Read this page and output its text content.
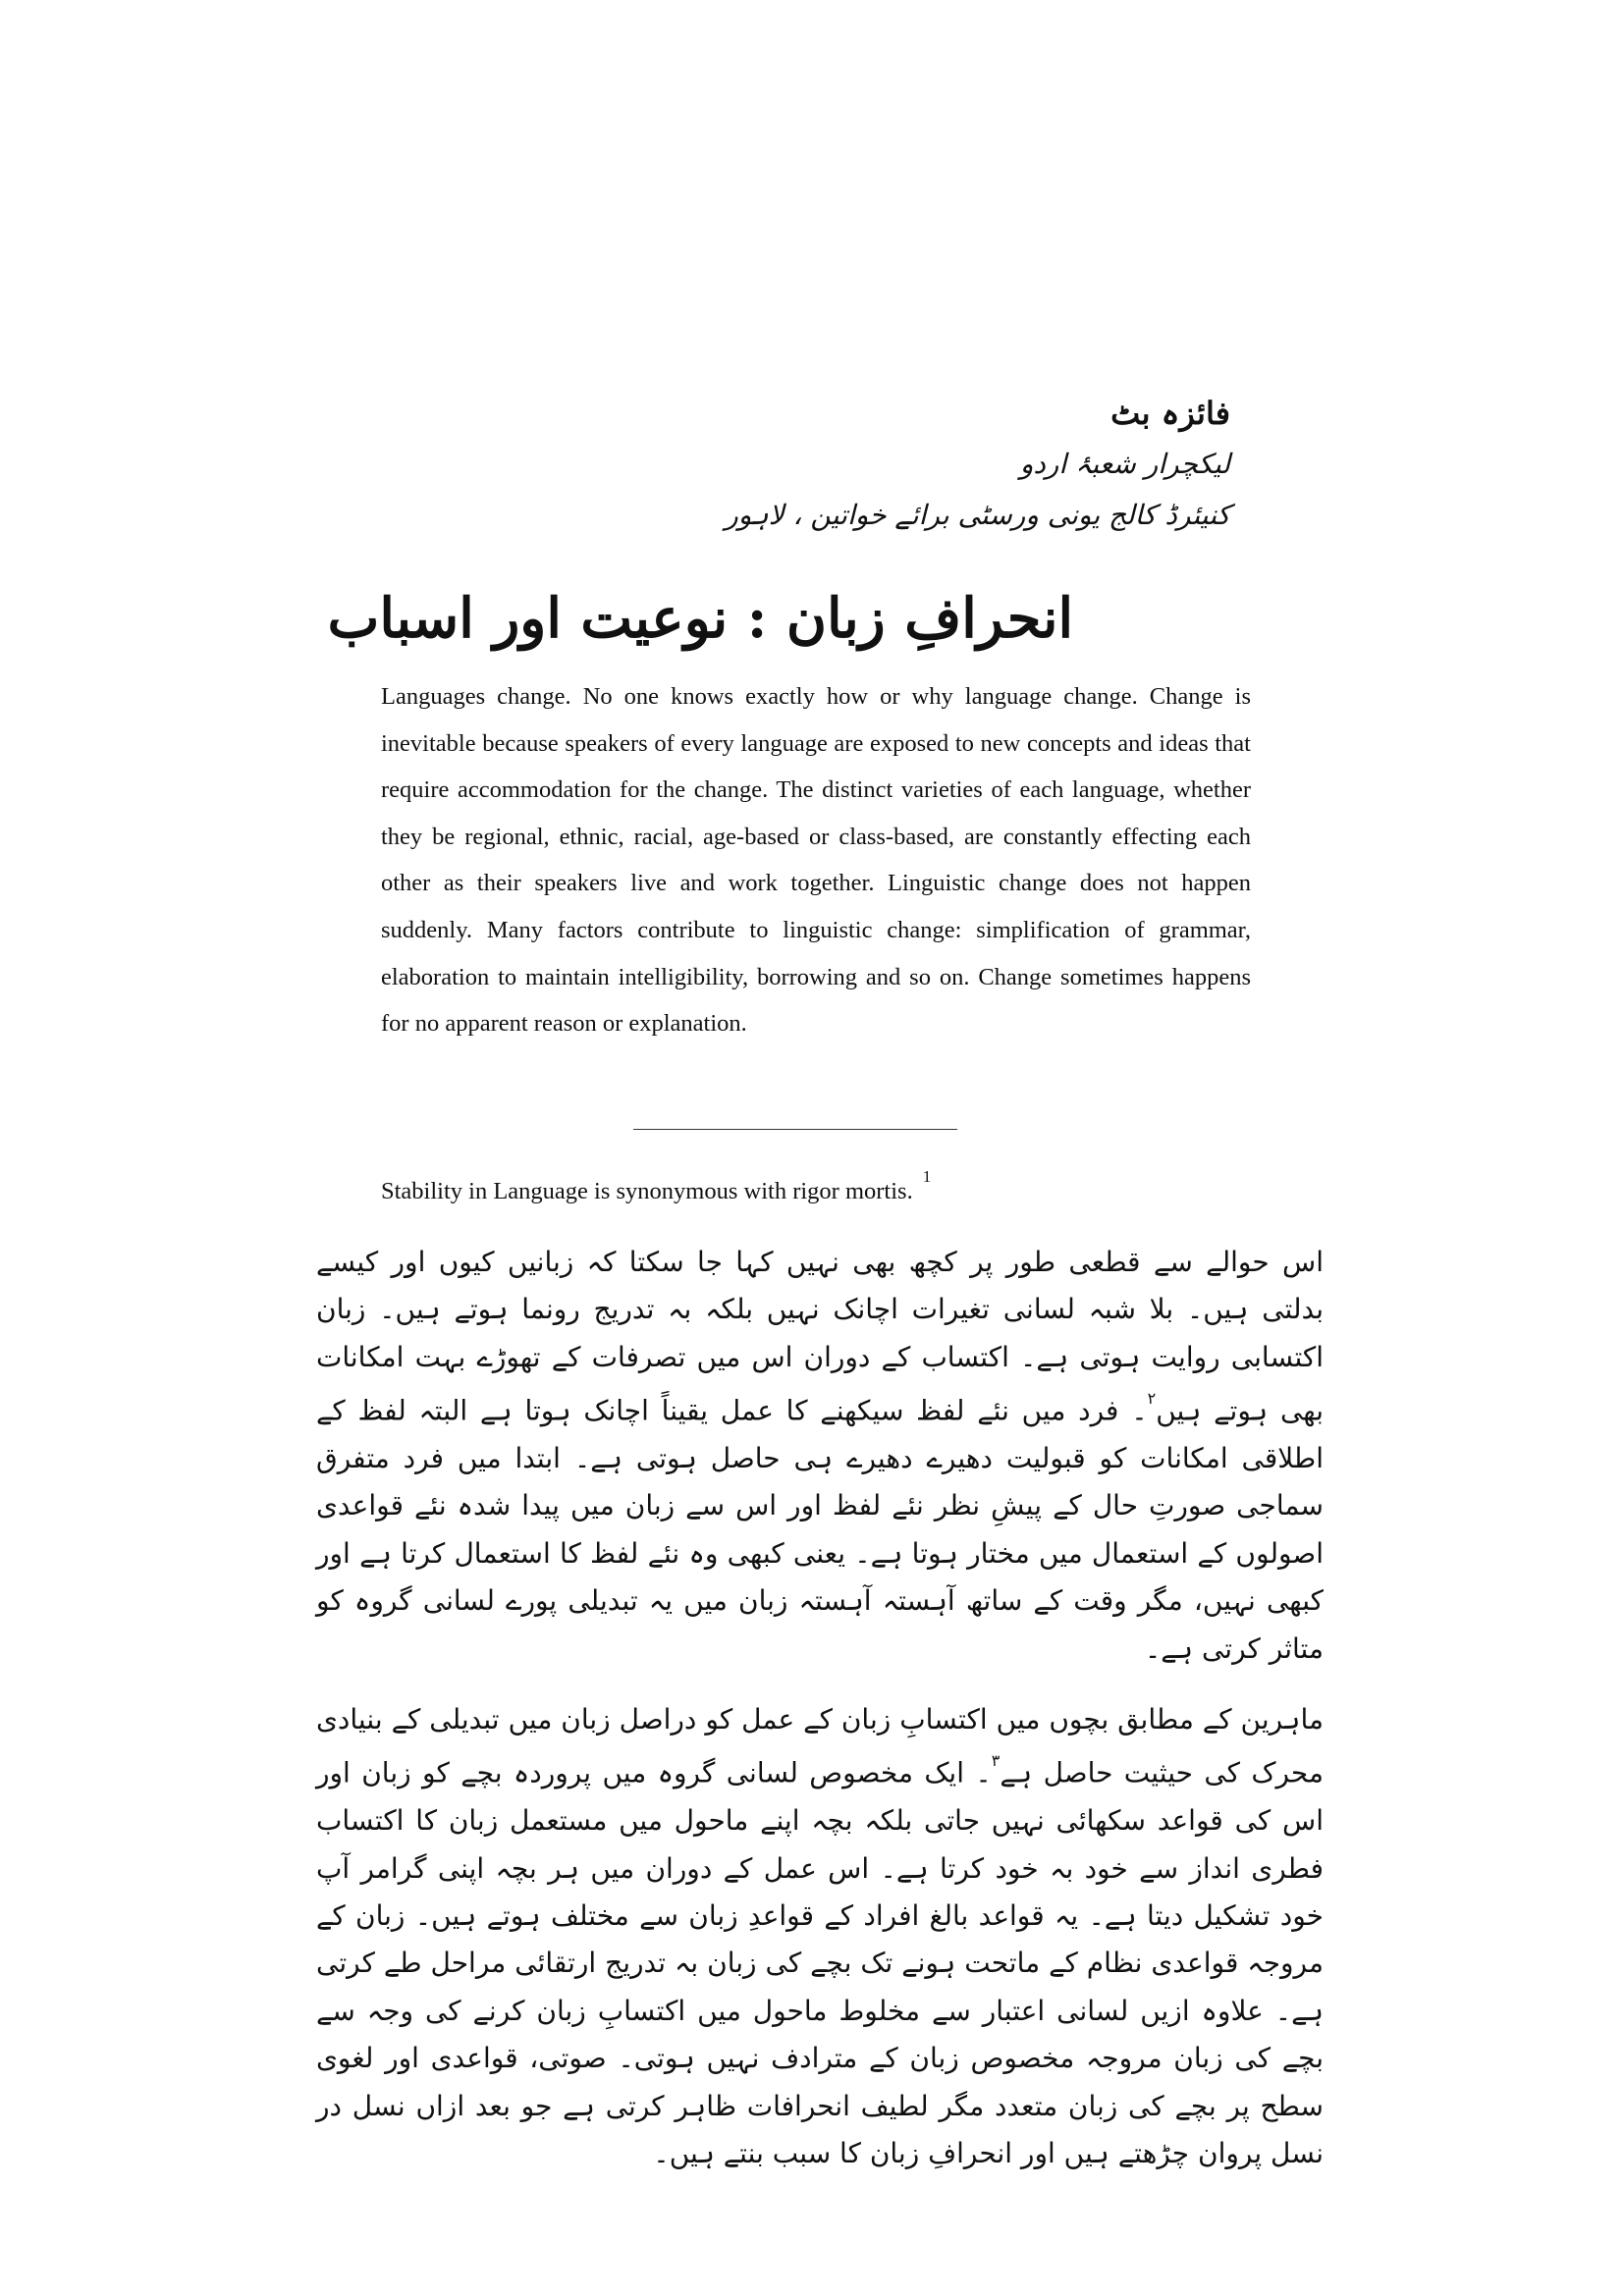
فائزہ بٹ
لیکچرار شعبۂ اردو
کنیئرڈ کالج یونی ورسٹی برائے خواتین ، لاہور
انحرافِ زبان : نوعیت اور اسباب

Languages change. No one knows exactly how or why language change. Change is inevitable because speakers of every language are exposed to new concepts and ideas that require accommodation for the change. The distinct varieties of each language, whether they be regional, ethnic, racial, age-based or class-based, are constantly effecting each other as their speakers live and work together. Linguistic change does not happen suddenly. Many factors contribute to linguistic change: simplification of grammar, elaboration to maintain intelligibility, borrowing and so on. Change sometimes happens for no apparent reason or explanation.

Stability in Language is synonymous with rigor mortis.$^1$

اس حوالے سے قطعی طور پر کچھ بھی نہیں کہا جا سکتا کہ زبانیں کیوں اور کیسے بدلتی ہیں۔ بلا شبہ لسانی تغیرات اچانک نہیں بلکہ بہ تدریج رونما ہوتے ہیں۔ زبان اکتسابی روایت ہوتی ہے۔ اکتساب کے دوران اس میں تصرفات کے تھوڑے بہت امکانات بھی ہوتے ہیں$^۲$۔ فرد میں نئے لفظ سیکھنے کا عمل یقیناً اچانک ہوتا ہے البتہ لفظ کے اطلاقی امکانات کو قبولیت دھیرے دھیرے ہی حاصل ہوتی ہے۔ ابتدا میں فرد متفرق سماجی صورتِ حال کے پیشِ نظر نئے لفظ اور اس سے زبان میں پیدا شدہ نئے قواعدی اصولوں کے استعمال میں مختار ہوتا ہے۔ یعنی کبھی وہ نئے لفظ کا استعمال کرتا ہے اور کبھی نہیں، مگر وقت کے ساتھ آہستہ آہستہ زبان میں یہ تبدیلی پورے لسانی گروہ کو متاثر کرتی ہے۔

ماہرین کے مطابق بچوں میں اکتسابِ زبان کے عمل کو دراصل زبان میں تبدیلی کے بنیادی محرک کی حیثیت حاصل ہے$^۳$۔ ایک مخصوص لسانی گروہ میں پروردہ بچے کو زبان اور اس کی قواعد سکھائی نہیں جاتی بلکہ بچہ اپنے ماحول میں مستعمل زبان کا اکتساب فطری انداز سے خود بہ خود کرتا ہے۔ اس عمل کے دوران میں ہر بچہ اپنی گرامر آپ خود تشکیل دیتا ہے۔ یہ قواعد بالغ افراد کے قواعدِ زبان سے مختلف ہوتے ہیں۔ زبان کے مروجہ قواعدی نظام کے ماتحت ہونے تک بچے کی زبان بہ تدریج ارتقائی مراحل طے کرتی ہے۔ علاوہ ازیں لسانی اعتبار سے مخلوط ماحول میں اکتسابِ زبان کرنے کی وجہ سے بچے کی زبان مروجہ مخصوص زبان کے مترادف نہیں ہوتی۔ صوتی، قواعدی اور لغوی سطح پر بچے کی زبان متعدد مگر لطیف انحرافات ظاہر کرتی ہے جو بعد ازاں نسل در نسل پروان چڑھتے ہیں اور انحرافِ زبان کا سبب بنتے ہیں۔
